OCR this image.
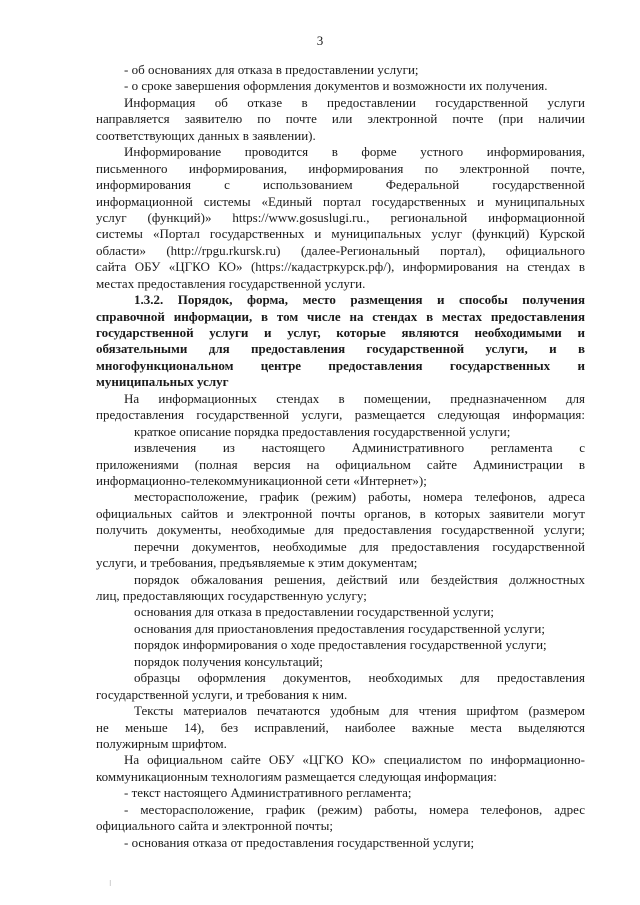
3
- об основаниях для отказа в предоставлении услуги;
- о сроке завершения оформления документов и возможности их получения.
Информация об отказе в предоставлении государственной услуги
направляется заявителю по почте или электронной почте (при наличии
соответствующих данных в заявлении).
Информирование проводится в форме устного информирования,
письменного информирования, информирования по электронной почте,
информирования с использованием Федеральной государственной
информационной системы «Единый портал государственных и муниципальных
услуг (функций)» https://www.gosuslugi.ru., региональной информационной
системы «Портал государственных и муниципальных услуг (функций) Курской
области» (http://rpgu.rkursk.ru) (далее-Региональный портал), официального
сайта ОБУ «ЦГКО КО» (https://кадастркурск.рф/), информирования на стендах в
местах предоставления государственной услуги.
1.3.2. Порядок, форма, место размещения и способы получения
справочной информации, в том числе на стендах в местах предоставления
государственной услуги и услуг, которые являются необходимыми и
обязательными для предоставления государственной услуги, и в
многофункциональном центре предоставления государственных и
муниципальных услуг
На информационных стендах в помещении, предназначенном для
предоставления государственной услуги, размещается следующая информация:
краткое описание порядка предоставления государственной услуги;
извлечения из настоящего Административного регламента с
приложениями (полная версия на официальном сайте Администрации в
информационно-телекоммуникационной сети «Интернет»);
месторасположение, график (режим) работы, номера телефонов, адреса
официальных сайтов и электронной почты органов, в которых заявители могут
получить документы, необходимые для предоставления государственной услуги;
перечни документов, необходимые для предоставления государственной
услуги, и требования, предъявляемые к этим документам;
порядок обжалования решения, действий или бездействия должностных
лиц, предоставляющих государственную услугу;
основания для отказа в предоставлении государственной услуги;
основания для приостановления предоставления государственной услуги;
порядок информирования о ходе предоставления государственной услуги;
порядок получения консультаций;
образцы оформления документов, необходимых для предоставления
государственной услуги, и требования к ним.
Тексты материалов печатаются удобным для чтения шрифтом (размером
не меньше 14), без исправлений, наиболее важные места выделяются
полужирным шрифтом.
На официальном сайте ОБУ «ЦГКО КО» специалистом по информационно-
коммуникационным технологиям размещается следующая информация:
- текст настоящего Административного регламента;
- месторасположение, график (режим) работы, номера телефонов, адрес
официального сайта и электронной почты;
- основания отказа от предоставления государственной услуги;
⁝
